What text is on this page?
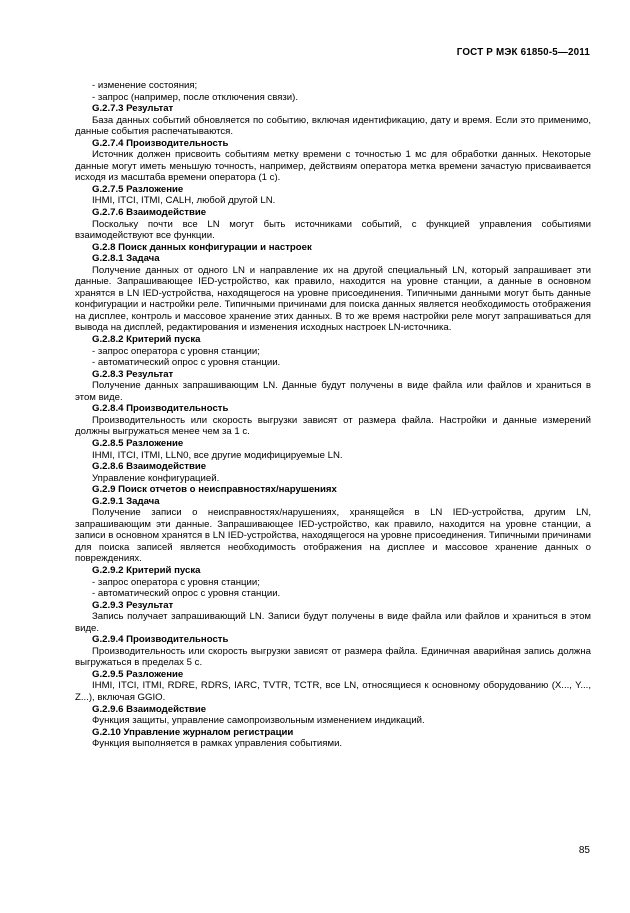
ГОСТ Р МЭК 61850-5—2011

- изменение состояния;

- запрос (например, после отключения связи).

G.2.7.3 Результат

База данных событий обновляется по событию, включая идентификацию, дату и время. Если это применимо, данные события распечатываются.

G.2.7.4 Производительность

Источник должен присвоить событиям метку времени с точностью 1 мс для обработки данных. Некоторые данные могут иметь меньшую точность, например, действиям оператора метка времени зачастую присваивается исходя из масштаба времени оператора (1 с).

G.2.7.5 Разложение

IHMI, ITCI, ITMI, CALH, любой другой LN.

G.2.7.6 Взаимодействие

Поскольку почти все LN могут быть источниками событий, с функцией управления событиями взаимодействуют все функции.

G.2.8 Поиск данных конфигурации и настроек

G.2.8.1 Задача

Получение данных от одного LN и направление их на другой специальный LN, который запрашивает эти данные. Запрашивающее IED-устройство, как правило, находится на уровне станции, а данные в основном хранятся в LN IED-устройства, находящегося на уровне присоединения. Типичными данными могут быть данные конфигурации и настройки реле. Типичными причинами для поиска данных является необходимость отображения на дисплее, контроль и массовое хранение этих данных. В то же время настройки реле могут запрашиваться для вывода на дисплей, редактирования и изменения исходных настроек LN-источника.

G.2.8.2 Критерий пуска

- запрос оператора с уровня станции;

- автоматический опрос с уровня станции.

G.2.8.3 Результат

Получение данных запрашивающим LN. Данные будут получены в виде файла или файлов и храниться в этом виде.

G.2.8.4 Производительность

Производительность или скорость выгрузки зависят от размера файла. Настройки и данные измерений должны выгружаться менее чем за 1 с.

G.2.8.5 Разложение

IHMI, ITCI, ITMI, LLN0, все другие модифицируемые LN.

G.2.8.6 Взаимодействие

Управление конфигурацией.

G.2.9 Поиск отчетов о неисправностях/нарушениях

G.2.9.1 Задача

Получение записи о неисправностях/нарушениях, хранящейся в LN IED-устройства, другим LN, запрашивающим эти данные. Запрашивающее IED-устройство, как правило, находится на уровне станции, а записи в основном хранятся в LN IED-устройства, находящегося на уровне присоединения. Типичными причинами для поиска записей является необходимость отображения на дисплее и массовое хранение данных о повреждениях.

G.2.9.2 Критерий пуска

- запрос оператора с уровня станции;

- автоматический опрос с уровня станции.

G.2.9.3 Результат

Запись получает запрашивающий LN. Записи будут получены в виде файла или файлов и храниться в этом виде.

G.2.9.4 Производительность

Производительность или скорость выгрузки зависят от размера файла. Единичная аварийная запись должна выгружаться в пределах 5 с.

G.2.9.5 Разложение

IHMI, ITCI, ITMI, RDRE, RDRS, IARC, TVTR, TCTR, все LN, относящиеся к основному оборудованию (X..., Y..., Z...), включая GGIO.

G.2.9.6 Взаимодействие

Функция защиты, управление самопроизвольным изменением индикаций.

G.2.10 Управление журналом регистрации

Функция выполняется в рамках управления событиями.

85
